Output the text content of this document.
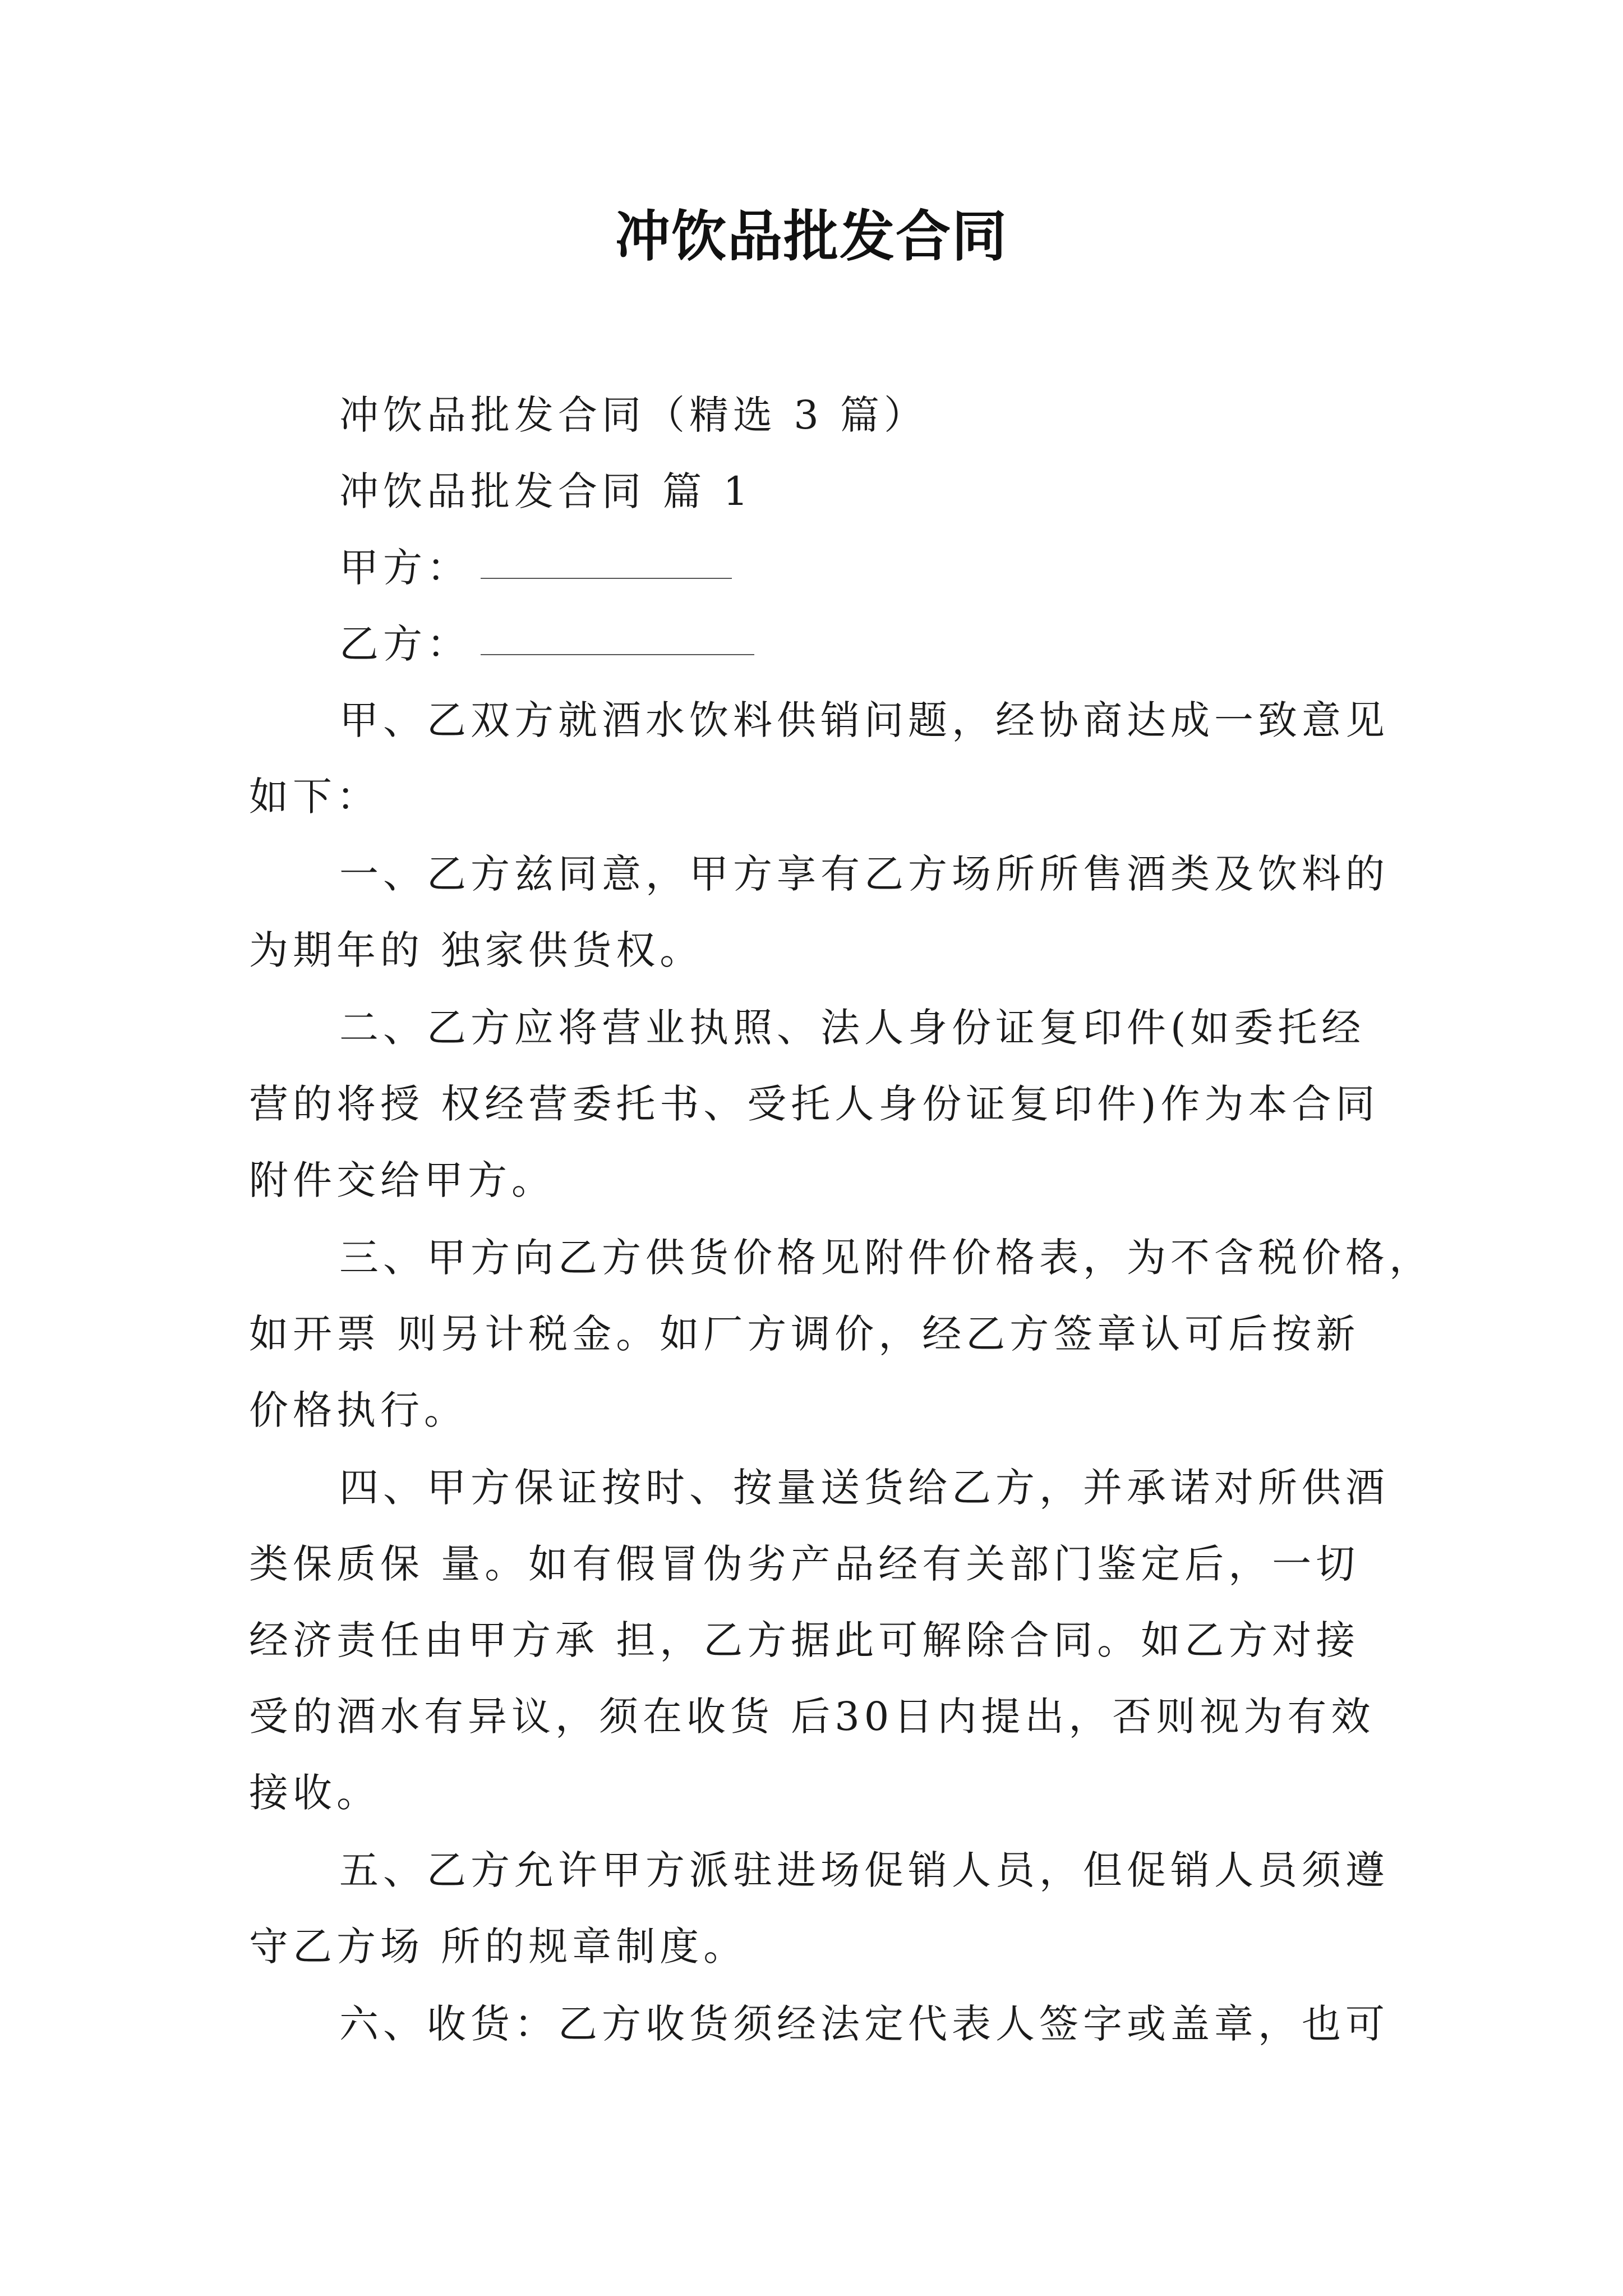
冲饮品批发合同
冲饮品批发合同（精选 3 篇）
冲饮品批发合同 篇 1
甲方：
乙方：
甲、乙双方就酒水饮料供销问题，经协商达成一致意见
如下：
一、乙方兹同意，甲方享有乙方场所所售酒类及饮料的
为期年的 独家供货权。
二、乙方应将营业执照、法人身份证复印件(如委托经
营的将授 权经营委托书、受托人身份证复印件)作为本合同
附件交给甲方。
三、甲方向乙方供货价格见附件价格表，为不含税价格，
如开票 则另计税金。如厂方调价，经乙方签章认可后按新
价格执行。
四、甲方保证按时、按量送货给乙方，并承诺对所供酒
类保质保 量。如有假冒伪劣产品经有关部门鉴定后，一切
经济责任由甲方承 担，乙方据此可解除合同。如乙方对接
受的酒水有异议，须在收货 后30日内提出，否则视为有效
接收。
五、乙方允许甲方派驻进场促销人员，但促销人员须遵
守乙方场 所的规章制度。
六、收货：乙方收货须经法定代表人签字或盖章，也可
